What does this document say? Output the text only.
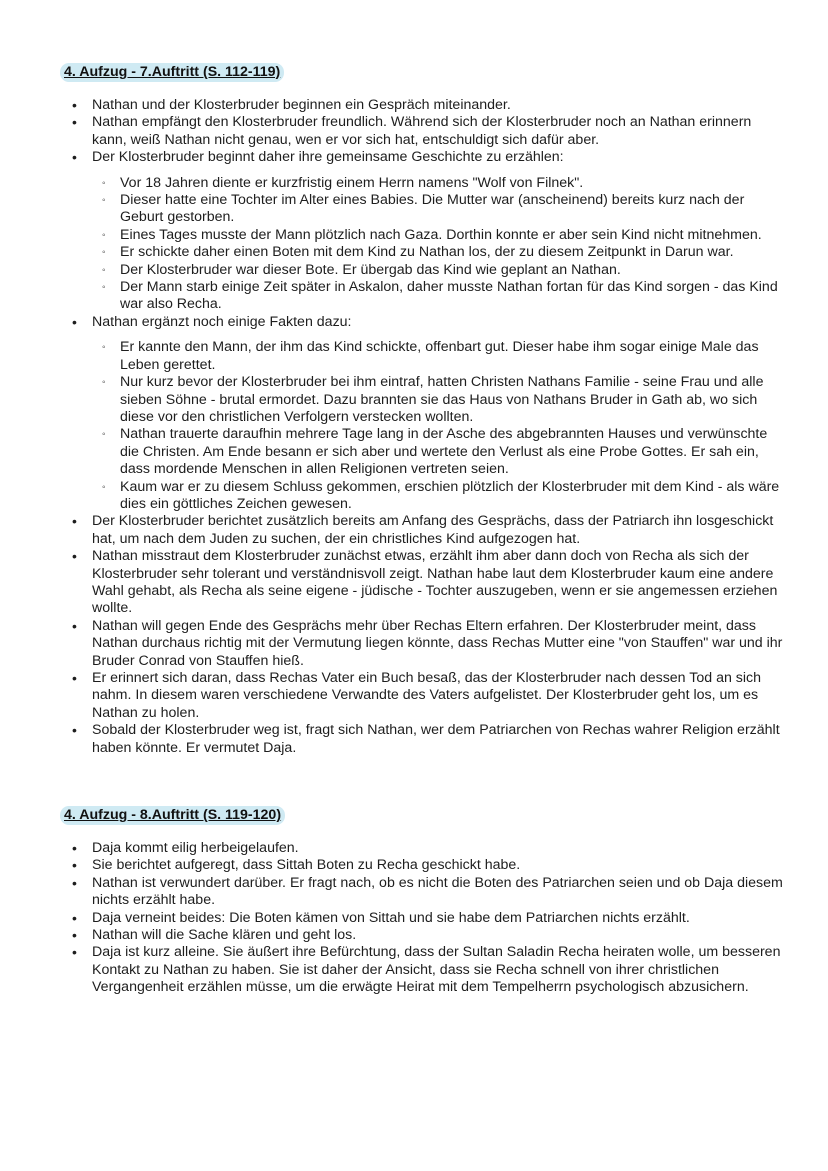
4. Aufzug - 7.Auftritt (S. 112-119)
• Nathan und der Klosterbruder beginnen ein Gespräch miteinander.
• Nathan empfängt den Klosterbruder freundlich. Während sich der Klosterbruder noch an Nathan erinnern kann, weiß Nathan nicht genau, wen er vor sich hat, entschuldigt sich dafür aber.
• Der Klosterbruder beginnt daher ihre gemeinsame Geschichte zu erzählen:
◦ Vor 18 Jahren diente er kurzfristig einem Herrn namens "Wolf von Filnek".
◦ Dieser hatte eine Tochter im Alter eines Babies. Die Mutter war (anscheinend) bereits kurz nach der Geburt gestorben.
◦ Eines Tages musste der Mann plötzlich nach Gaza. Dorthin konnte er aber sein Kind nicht mitnehmen.
◦ Er schickte daher einen Boten mit dem Kind zu Nathan los, der zu diesem Zeitpunkt in Darun war.
◦ Der Klosterbruder war dieser Bote. Er übergab das Kind wie geplant an Nathan.
◦ Der Mann starb einige Zeit später in Askalon, daher musste Nathan fortan für das Kind sorgen - das Kind war also Recha.
• Nathan ergänzt noch einige Fakten dazu:
◦ Er kannte den Mann, der ihm das Kind schickte, offenbart gut. Dieser habe ihm sogar einige Male das Leben gerettet.
◦ Nur kurz bevor der Klosterbruder bei ihm eintraf, hatten Christen Nathans Familie - seine Frau und alle sieben Söhne - brutal ermordet. Dazu brannten sie das Haus von Nathans Bruder in Gath ab, wo sich diese vor den christlichen Verfolgern verstecken wollten.
◦ Nathan trauerte daraufhin mehrere Tage lang in der Asche des abgebrannten Hauses und verwünschte die Christen. Am Ende besann er sich aber und wertete den Verlust als eine Probe Gottes. Er sah ein, dass mordende Menschen in allen Religionen vertreten seien.
◦ Kaum war er zu diesem Schluss gekommen, erschien plötzlich der Klosterbruder mit dem Kind - als wäre dies ein göttliches Zeichen gewesen.
• Der Klosterbruder berichtet zusätzlich bereits am Anfang des Gesprächs, dass der Patriarch ihn losgeschickt hat, um nach dem Juden zu suchen, der ein christliches Kind aufgezogen hat.
• Nathan misstraut dem Klosterbruder zunächst etwas, erzählt ihm aber dann doch von Recha als sich der Klosterbruder sehr tolerant und verständnisvoll zeigt. Nathan habe laut dem Klosterbruder kaum eine andere Wahl gehabt, als Recha als seine eigene - jüdische - Tochter auszugeben, wenn er sie angemessen erziehen wollte.
• Nathan will gegen Ende des Gesprächs mehr über Rechas Eltern erfahren. Der Klosterbruder meint, dass Nathan durchaus richtig mit der Vermutung liegen könnte, dass Rechas Mutter eine "von Stauffen" war und ihr Bruder Conrad von Stauffen hieß.
• Er erinnert sich daran, dass Rechas Vater ein Buch besaß, das der Klosterbruder nach dessen Tod an sich nahm. In diesem waren verschiedene Verwandte des Vaters aufgelistet. Der Klosterbruder geht los, um es Nathan zu holen.
• Sobald der Klosterbruder weg ist, fragt sich Nathan, wer dem Patriarchen von Rechas wahrer Religion erzählt haben könnte. Er vermutet Daja.
4. Aufzug - 8.Auftritt (S. 119-120)
• Daja kommt eilig herbeigelaufen.
• Sie berichtet aufgeregt, dass Sittah Boten zu Recha geschickt habe.
• Nathan ist verwundert darüber. Er fragt nach, ob es nicht die Boten des Patriarchen seien und ob Daja diesem nichts erzählt habe.
• Daja verneint beides: Die Boten kämen von Sittah und sie habe dem Patriarchen nichts erzählt.
• Nathan will die Sache klären und geht los.
• Daja ist kurz alleine. Sie äußert ihre Befürchtung, dass der Sultan Saladin Recha heiraten wolle, um besseren Kontakt zu Nathan zu haben. Sie ist daher der Ansicht, dass sie Recha schnell von ihrer christlichen Vergangenheit erzählen müsse, um die erwägte Heirat mit dem Tempelherrn psychologisch abzusichern.
